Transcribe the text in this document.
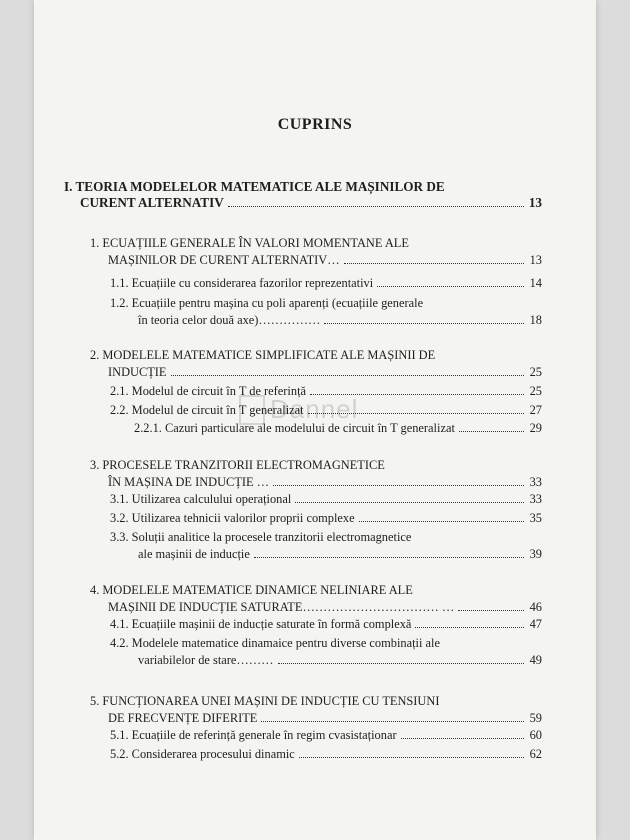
Dannel
CUPRINS
I. TEORIA MODELELOR MATEMATICE ALE MAȘINILOR DE
CURENT ALTERNATIV	13
1. ECUAȚIILE GENERALE ÎN VALORI MOMENTANE ALE
MAȘINILOR DE CURENT ALTERNATIV…	13
1.1. Ecuațiile cu considerarea fazorilor reprezentativi	14
1.2. Ecuațiile pentru mașina cu poli aparenți (ecuațiile generale
în teoria celor două axe)……………	18
2. MODELELE MATEMATICE SIMPLIFICATE ALE MAȘINII DE
INDUCȚIE	25
2.1. Modelul de circuit în T de referință	25
2.2. Modelul de circuit în T generalizat	27
2.2.1. Cazuri particulare ale modelului de circuit în T generalizat	29
3. PROCESELE TRANZITORII ELECTROMAGNETICE
ÎN MAȘINA DE INDUCȚIE …	33
3.1. Utilizarea calculului operațional	33
3.2. Utilizarea tehnicii valorilor proprii complexe	35
3.3. Soluții analitice la procesele tranzitorii electromagnetice
ale mașinii de inducție	39
4. MODELELE MATEMATICE DINAMICE NELINIARE ALE
MAȘINII DE INDUCȚIE SATURATE…………………………… …	46
4.1. Ecuațiile mașinii de inducție saturate în formă complexă	47
4.2. Modelele matematice dinamaice pentru diverse combinații ale
variabilelor de stare………	49
5. FUNCȚIONAREA UNEI MAȘINI DE INDUCȚIE CU TENSIUNI
DE FRECVENȚE DIFERITE	59
5.1. Ecuațiile de referință generale în regim cvasistaționar	60
5.2. Considerarea procesului dinamic	62
